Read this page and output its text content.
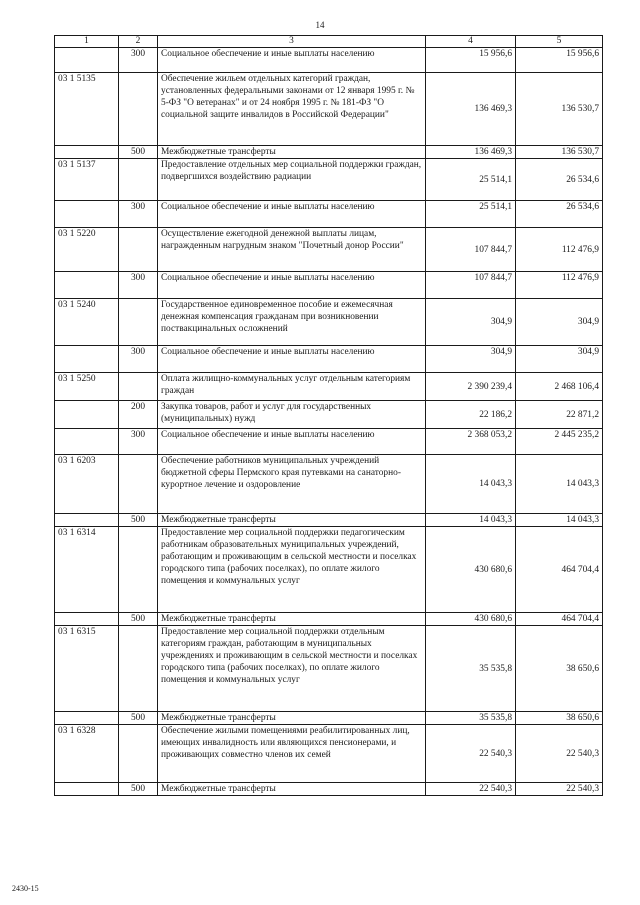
14
1	2	3	4	5
	300	Социальное обеспечение и иные выплаты населению	15 956,6	15 956,6
03 1 5135		Обеспечение жильем отдельных категорий граждан, установленных федеральными законами от 12 января 1995 г. № 5-ФЗ "О ветеранах" и от 24 ноября 1995 г. № 181-ФЗ "О социальной защите инвалидов в Российской Федерации"	136 469,3	136 530,7
	500	Межбюджетные трансферты	136 469,3	136 530,7
03 1 5137		Предоставление отдельных мер социальной поддержки граждан, подвергшихся воздействию радиации	25 514,1	26 534,6
	300	Социальное обеспечение и иные выплаты населению	25 514,1	26 534,6
03 1 5220		Осуществление ежегодной денежной выплаты лицам, награжденным нагрудным знаком "Почетный донор России"	107 844,7	112 476,9
	300	Социальное обеспечение и иные выплаты населению	107 844,7	112 476,9
03 1 5240		Государственное единовременное пособие и ежемесячная денежная компенсация гражданам при возникновении поствакцинальных осложнений	304,9	304,9
	300	Социальное обеспечение и иные выплаты населению	304,9	304,9
03 1 5250		Оплата жилищно-коммунальных услуг отдельным категориям граждан	2 390 239,4	2 468 106,4
	200	Закупка товаров, работ и услуг для государственных (муниципальных) нужд	22 186,2	22 871,2
	300	Социальное обеспечение и иные выплаты населению	2 368 053,2	2 445 235,2
03 1 6203		Обеспечение работников муниципальных учреждений бюджетной сферы Пермского края путевками на санаторно-курортное лечение и оздоровление	14 043,3	14 043,3
	500	Межбюджетные трансферты	14 043,3	14 043,3
03 1 6314		Предоставление мер социальной поддержки педагогическим работникам образовательных муниципальных учреждений, работающим и проживающим в сельской местности и поселках городского типа (рабочих поселках), по оплате жилого помещения и коммунальных услуг	430 680,6	464 704,4
	500	Межбюджетные трансферты	430 680,6	464 704,4
03 1 6315		Предоставление мер социальной поддержки отдельным категориям граждан, работающим в муниципальных учреждениях и проживающим в сельской местности и поселках городского типа (рабочих поселках), по оплате жилого помещения и коммунальных услуг	35 535,8	38 650,6
	500	Межбюджетные трансферты	35 535,8	38 650,6
03 1 6328		Обеспечение жилыми помещениями реабилитированных лиц, имеющих инвалидность или являющихся пенсионерами, и проживающих совместно членов их семей	22 540,3	22 540,3
	500	Межбюджетные трансферты	22 540,3	22 540,3
2430-15
